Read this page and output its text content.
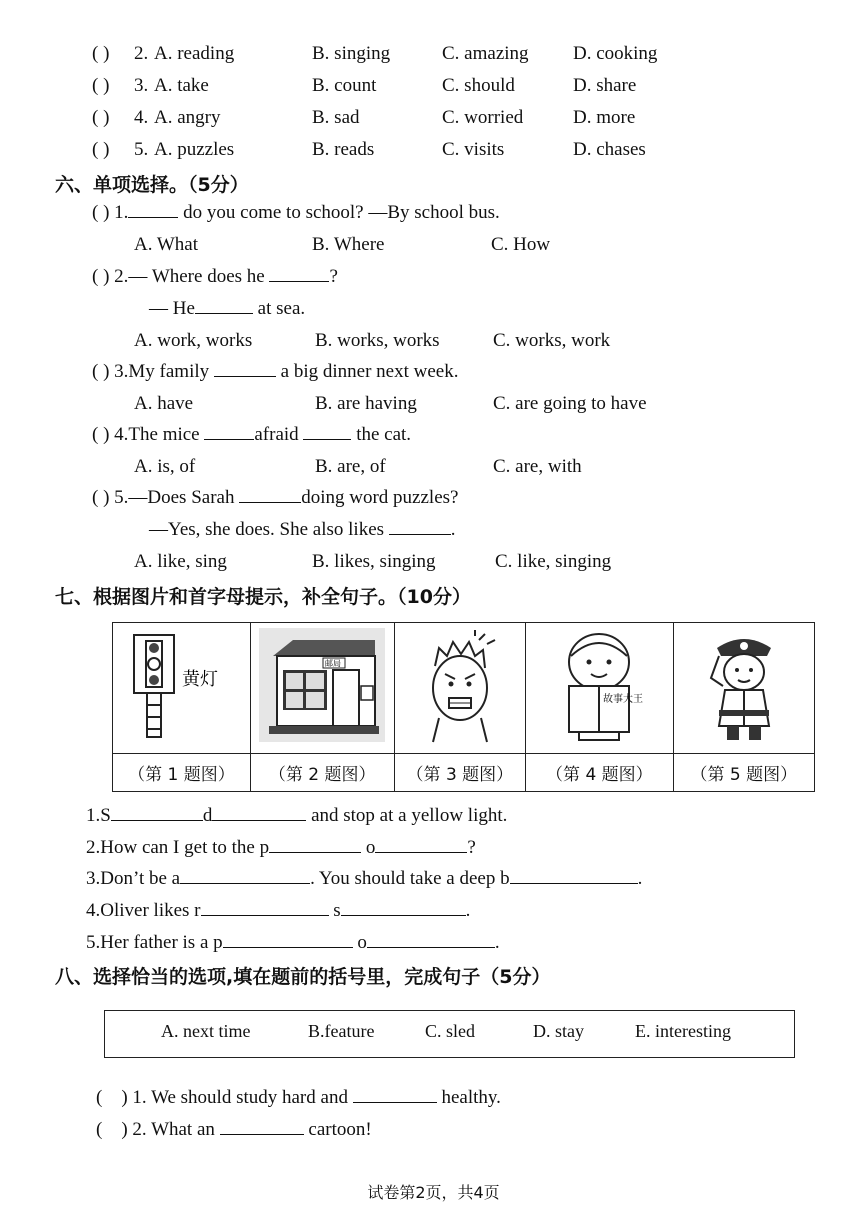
( ) 2. A. reading	B. singing	C. amazing D. cooking
( ) 3. A. take	B. count	C. should	D. share
( ) 4. A. angry	B. sad	C. worried	D. more
( ) 5. A. puzzles	B. reads	C. visits	D. chases
六、单项选择。（5分）
( ) 1.	do you come to school? —By school bus.
A. What	B. Where	C. How
( ) 2.— Where does he	?
— He	at sea.
A. work, works	B. works, works	C. works, work
( ) 3.My family	a big dinner next week.
A. have	B. are having	C. are going to have
( ) 4.The mice	afraid	the cat.
A. is, of	B. are, of	C. are, with
( ) 5.—Does Sarah	doing word puzzles?
—Yes, she does. She also likes	.
A. like, sing	B. likes, singing	C. like, singing
七、根据图片和首字母提示，补全句子。（10分）
黄灯	邮局		故事大王

（第 1 题图）	（第 2 题图）	（第 3 题图）	（第 4 题图）	（第 5 题图）
1.S	d	and stop at a yellow light.
2.How can I get to the p	o	?
3.Don’t be a	. You should take a deep b	.
4.Oliver likes r	s	.
5.Her father is a p	o	.
八、选择恰当的选项,填在题前的括号里，完成句子（5分）
A. next time	B.feature	C. sled	D. stay	E. interesting
(    ) 1. We should study hard and	healthy.
(    ) 2. What an	cartoon!
试卷第2页，共4页
